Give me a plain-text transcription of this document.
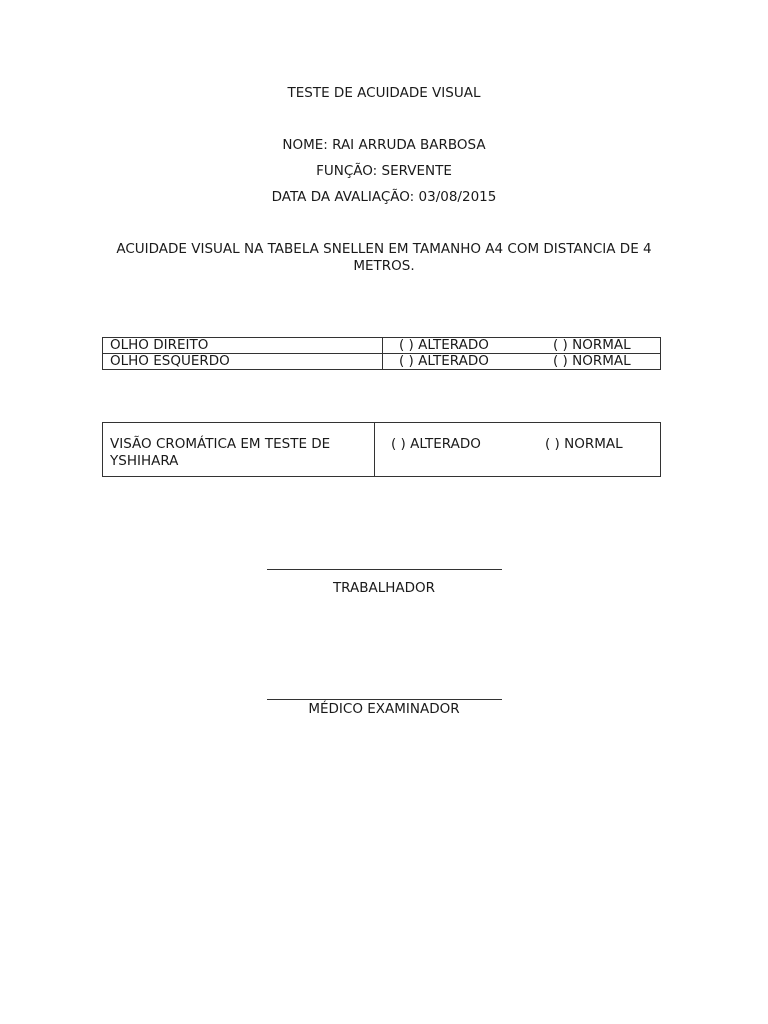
TESTE DE ACUIDADE VISUAL
NOME: RAI ARRUDA BARBOSA
FUNÇÃO: SERVENTE
DATA DA AVALIAÇÃO: 03/08/2015
ACUIDADE VISUAL NA TABELA SNELLEN EM TAMANHO A4 COM DISTANCIA DE 4 METROS.
OLHO DIREITO	( ) ALTERADO ( ) NORMAL
OLHO ESQUERDO	( ) ALTERADO ( ) NORMAL
VISÃO CROMÁTICA EM TESTE DE YSHIHARA	( ) ALTERADO	( ) NORMAL
TRABALHADOR
MÉDICO EXAMINADOR
